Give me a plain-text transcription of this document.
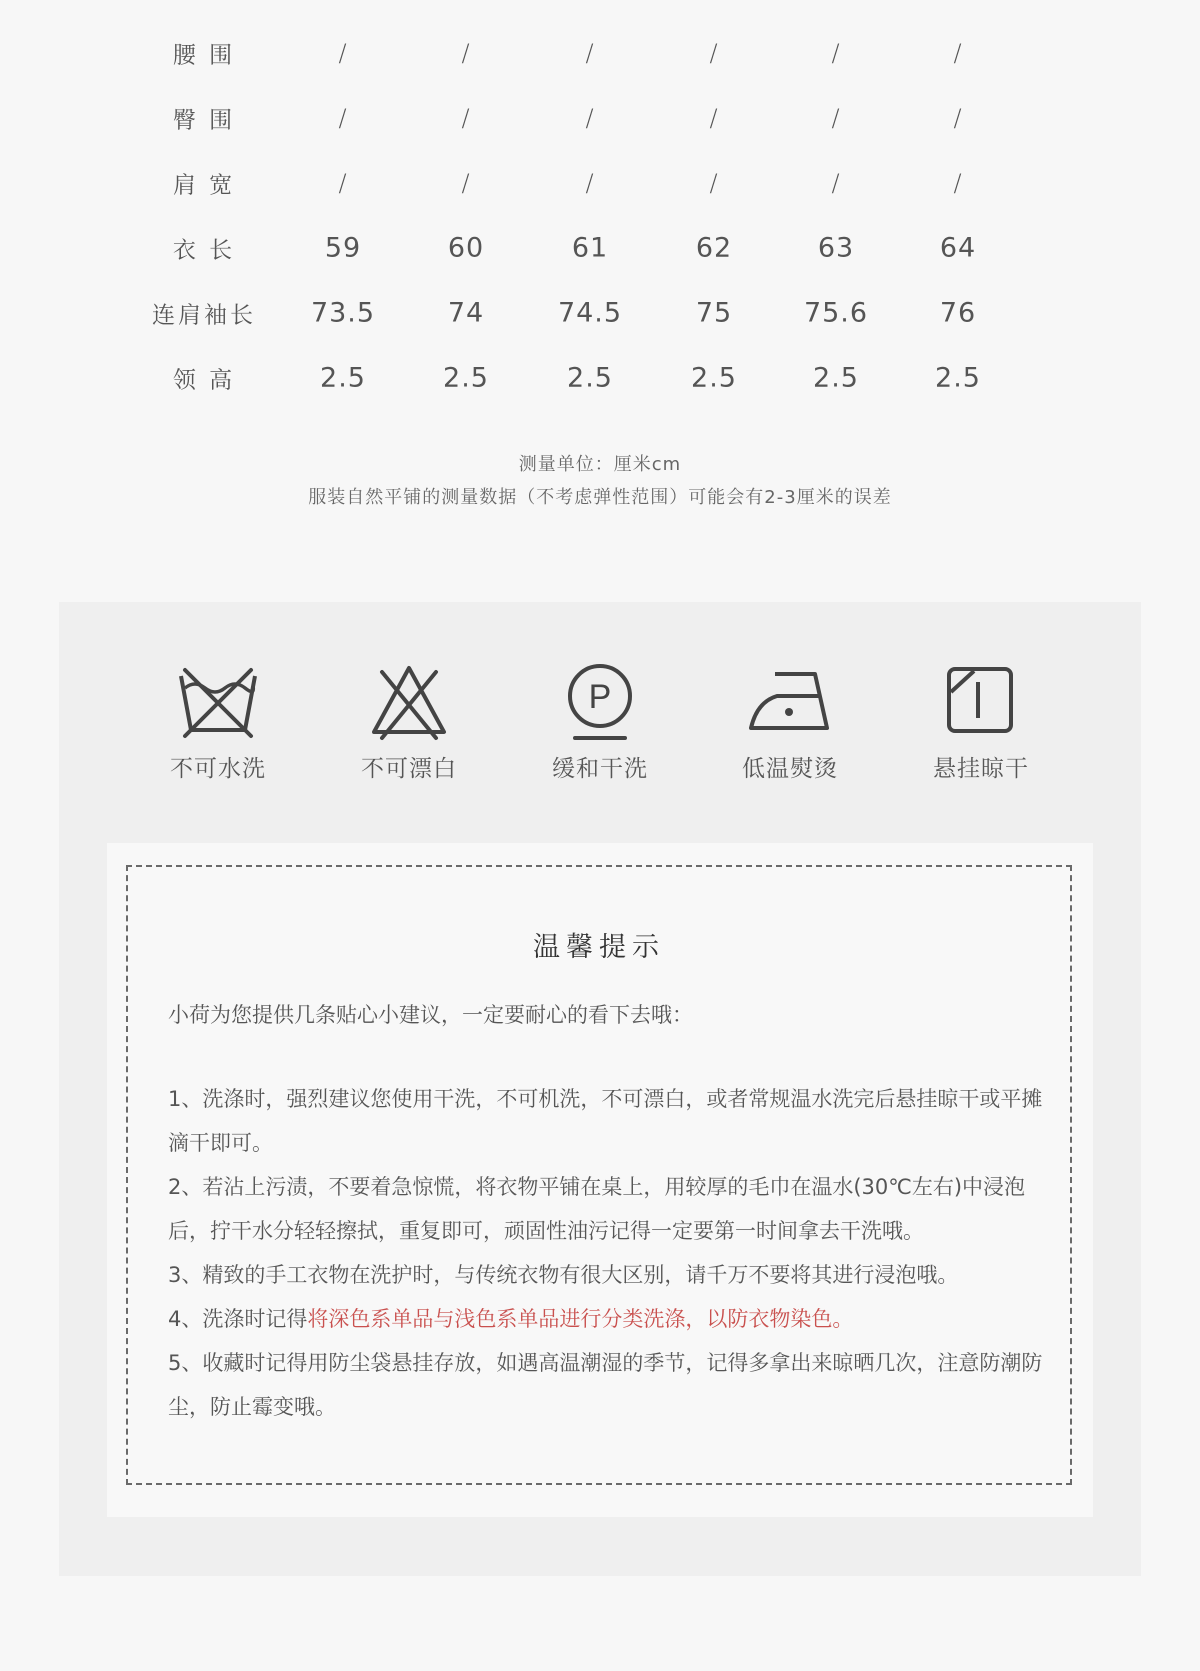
腰 围	/	/	/	/	/	/
臀 围	/	/	/	/	/	/
肩 宽	/	/	/	/	/	/
衣 长	59	60	61	62	63	64
连肩袖长 73.5	74	74.5	75	75.6	76
领 高	2.5	2.5	2.5	2.5	2.5	2.5
测量单位：厘米cm
服装自然平铺的测量数据（不考虑弹性范围）可能会有2-3厘米的误差
不可水洗	不可漂白
P
缓和干洗	低温熨烫	悬挂晾干
温馨提示
小荷为您提供几条贴心小建议，一定要耐心的看下去哦：

1、洗涤时，强烈建议您使用干洗，不可机洗，不可漂白，或者常规温水洗完后悬挂晾干或平摊滴干即可。

2、若沾上污渍，不要着急惊慌，将衣物平铺在桌上，用较厚的毛巾在温水(30℃左右)中浸泡后，拧干水分轻轻擦拭，重复即可，顽固性油污记得一定要第一时间拿去干洗哦。

3、精致的手工衣物在洗护时，与传统衣物有很大区别，请千万不要将其进行浸泡哦。

4、洗涤时记得将深色系单品与浅色系单品进行分类洗涤，以防衣物染色。

5、收藏时记得用防尘袋悬挂存放，如遇高温潮湿的季节，记得多拿出来晾晒几次，注意防潮防尘，防止霉变哦。
